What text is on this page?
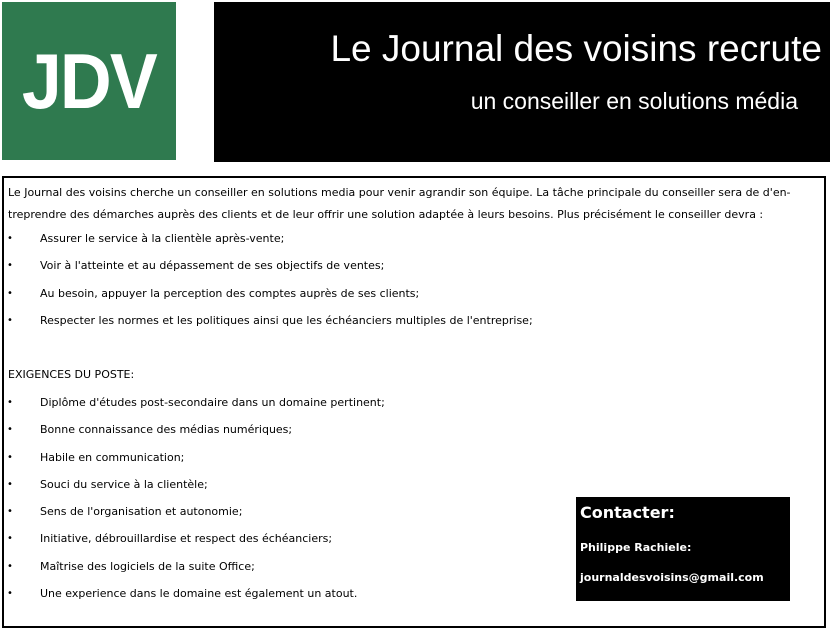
JDV	Le Journal des voisins recrute
un conseiller en solutions média

Le Journal des voisins cherche un conseiller en solutions media pour venir agrandir son équipe. La tâche principale du conseiller sera de d'en-treprendre des démarches auprès des clients et de leur offrir une solution adaptée à leurs besoins. Plus précisément le conseiller devra :

• Assurer le service à la clientèle après-vente;
• Voir à l'atteinte et au dépassement de ses objectifs de ventes;
• Au besoin, appuyer la perception des comptes auprès de ses clients;
• Respecter les normes et les politiques ainsi que les échéanciers multiples de l'entreprise;

EXIGENCES DU POSTE:

• Diplôme d'études post-secondaire dans un domaine pertinent;
• Bonne connaissance des médias numériques;
• Habile en communication;
• Souci du service à la clientèle;
• Sens de l'organisation et autonomie;
• Initiative, débrouillardise et respect des échéanciers;
• Maîtrise des logiciels de la suite Office;
• Une experience dans le domaine est également un atout.
Contacter:
Philippe Rachiele:
journaldesvoisins@gmail.com
